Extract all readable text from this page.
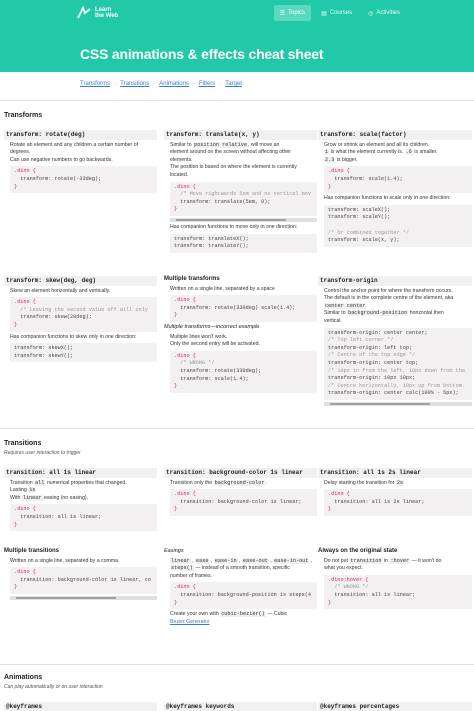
Learn
the Web	☰ Topics	▤ Courses	◎ Activities
CSS animations & effects cheat sheet
Transforms · Transitions · Animations · Filters · Target
Transforms
transform: rotate(deg)
Rotate an element and any children a certain number of
degrees.
Can use negative numbers to go backwards.
.dino {
transform: rotate(-33deg);
}
transform: translate(x, y)
Similar to position relative, will move an
element around on the screen without affecting other
elements.
The position is based on where the element is currently
located.
.dino {
/* Move rightwards 5em and no vertical mov
transform: translate(5em, 0);
}
Has companion functions to move only in one direction:
transform: translateX();
transform: translateY();
transform: scale(factor)
Grow or shrink an element and all its children.
1 is what the element currently is. .6 is smaller.
2.3 is bigger.
.dino {
transform: scale(1.4);
}
Has companion functions to scale only in one direction:
transform: scaleX();
transform: scaleY();

/* Or combined together */
transform: scale(x, y);
transform: skew(deg, deg)
Skew an element horizontally and vertically.
.dino {
/* Leaving the second value off will only
transform: skew(20deg);
}
Has companion functions to skew only in one direction:
transform: skewX();
transform: skewY();
Multiple transforms
Written on a single line, separated by a space
.dino {
transform: rotate(330deg) scale(1.4);
}
Multiple transforms—incorrect example
Multiple lines won't work.
Only the second entry will be activated.
.dino {
/* WRONG */
transform: rotate(330deg);
transform: scale(1.4);
}
transform-origin
Control the anchor point for where the transform occurs.
The default is in the complete centre of the element, aka
center center
Similar to background-position horizontal then
vertical.
transform-origin: center center;
/* Top left corner */
transform-origin: left top;
/* Centre of the top edge */
transform-origin: center top;
/* 10px in from the left, 10px down from the
transform-origin: 10px 10px;
/* Centre horizontally, 10px up from bottom
transform-origin: center calc(100% - 5px);
Transitions
Requires user interaction to trigger
transition: all 1s linear
Transition all numerical properties that changed.
Lasting 1s
With linear easing (no easing).
.dino {
transition: all 1s linear;
}
transition: background-color 1s linear
Transition only the background-color.
.dino {
transition: background-color 1s linear;
}
transition: all 1s 2s linear
Delay starting the transition for 2s
.dino {
transition: all 1s 2s linear;
}
Multiple transitions
Written on a single line, separated by a comma.
.dino {
transition: background-color 1s linear, co
}
Easings
linear , ease , ease-in , ease-out , ease-in-out ,
steps() — instead of a smooth transition, specific
number of frames.
.dino {
transition: background-position 1s steps(4
}
Create your own with cubic-bezier() — Cubic
Bezier Generator
Always on the original state
Do not put transition in :hover — it won't do
what you expect.
.dino:hover {
/* WRONG */
transition: all 1s linear;
}
Animations
Can play automatically or on user interaction
@keyframes	@keyframes keywords	@keyframes percentages
